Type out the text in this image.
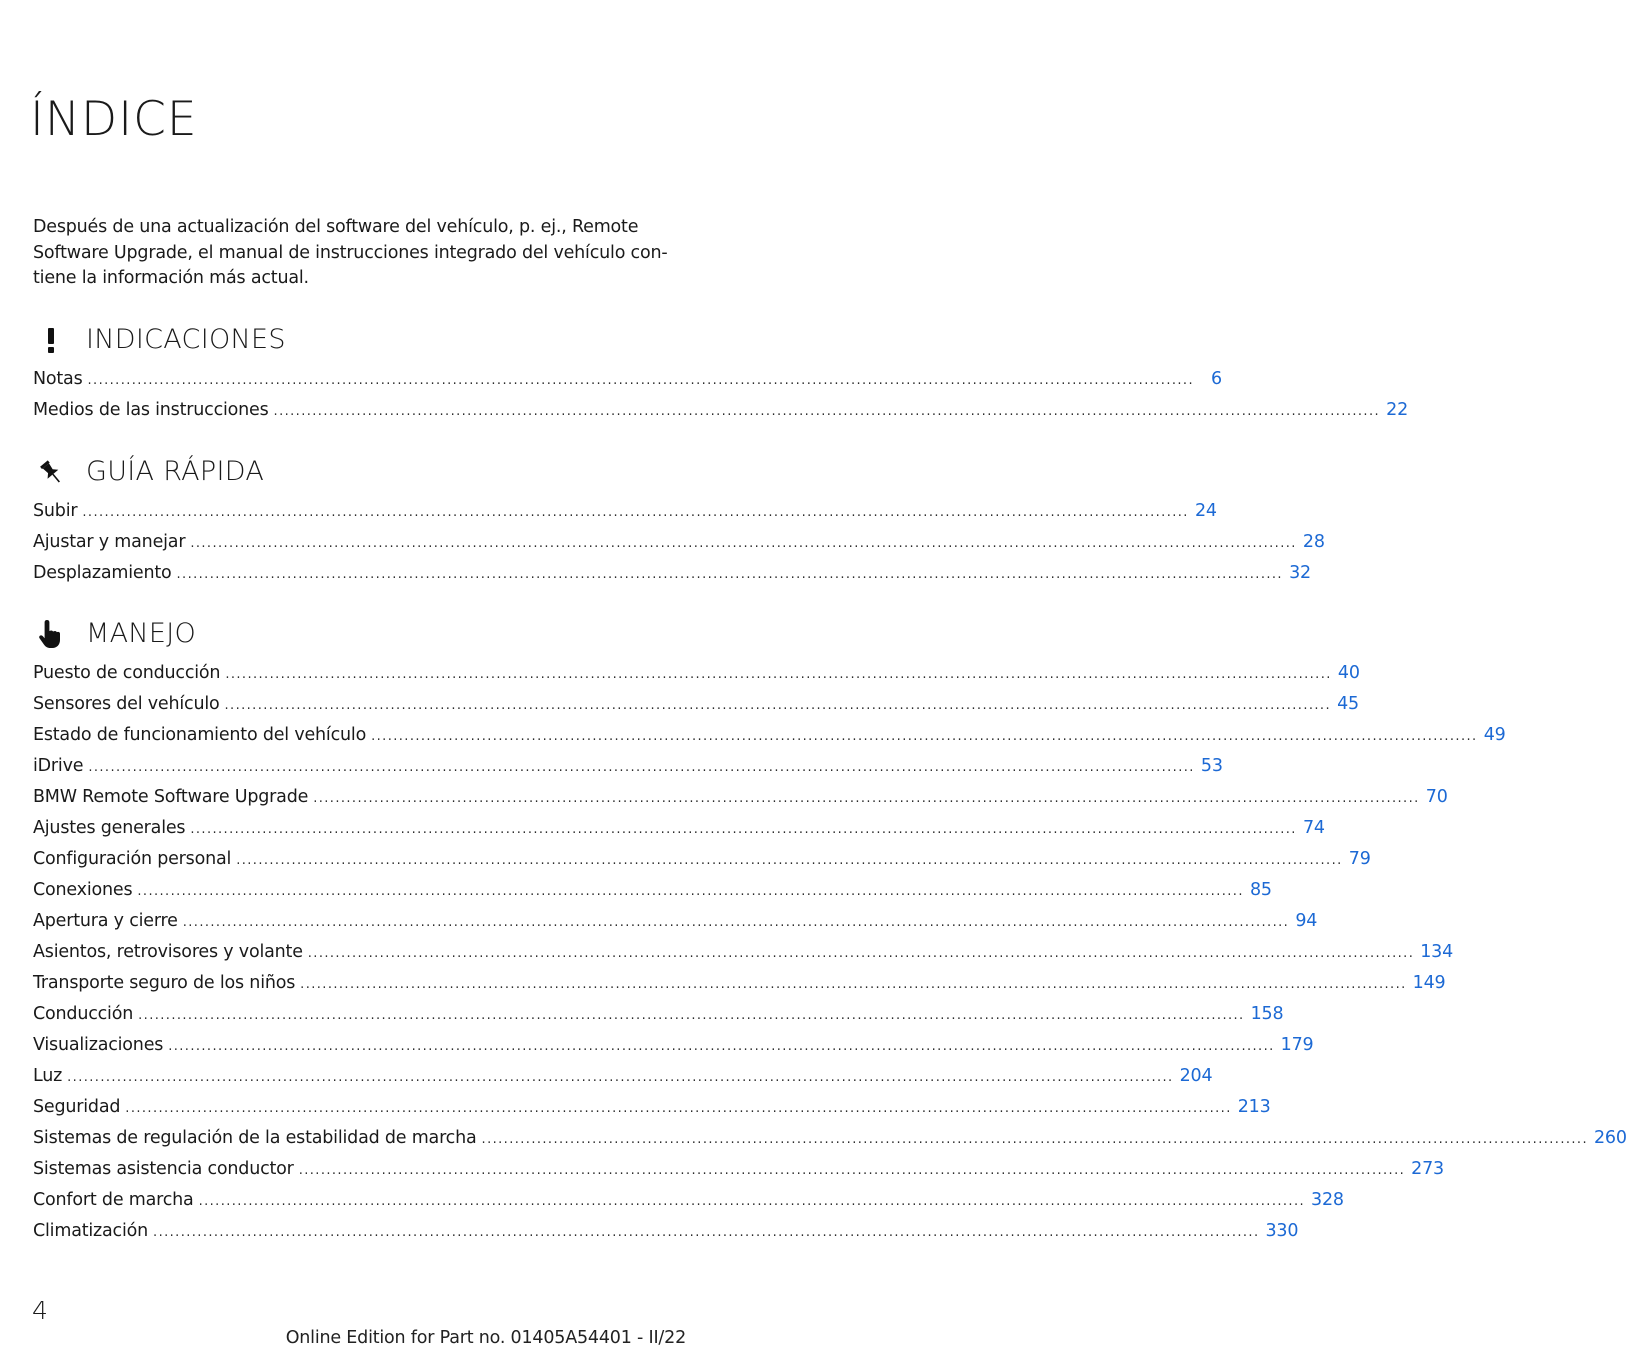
ÍNDICE

Después de una actualización del software del vehículo, p. ej., Remote
Software Upgrade, el manual de instrucciones integrado del vehículo con-
tiene la información más actual.

INDICACIONES
Notas ........................................................................................................................................................................................................ 6
Medios de las instrucciones ........................................................................................................................................................................................................ 22
GUÍA RÁPIDA
Subir ........................................................................................................................................................................................................ 24
Ajustar y manejar ........................................................................................................................................................................................................ 28
Desplazamiento ........................................................................................................................................................................................................ 32
MANEJO
Puesto de conducción ........................................................................................................................................................................................................ 40
Sensores del vehículo ........................................................................................................................................................................................................ 45
Estado de funcionamiento del vehículo ........................................................................................................................................................................................................ 49
iDrive ........................................................................................................................................................................................................ 53
BMW Remote Software Upgrade ........................................................................................................................................................................................................ 70
Ajustes generales ........................................................................................................................................................................................................ 74
Configuración personal ........................................................................................................................................................................................................ 79
Conexiones ........................................................................................................................................................................................................ 85
Apertura y cierre ........................................................................................................................................................................................................ 94
Asientos, retrovisores y volante ........................................................................................................................................................................................................ 134
Transporte seguro de los niños ........................................................................................................................................................................................................ 149
Conducción ........................................................................................................................................................................................................ 158
Visualizaciones ........................................................................................................................................................................................................ 179
Luz ........................................................................................................................................................................................................ 204
Seguridad ........................................................................................................................................................................................................ 213
Sistemas de regulación de la estabilidad de marcha ........................................................................................................................................................................................................ 260
Sistemas asistencia conductor ........................................................................................................................................................................................................ 273
Confort de marcha ........................................................................................................................................................................................................ 328
Climatización ........................................................................................................................................................................................................ 330
4
Online Edition for Part no. 01405A54401 - II/22
